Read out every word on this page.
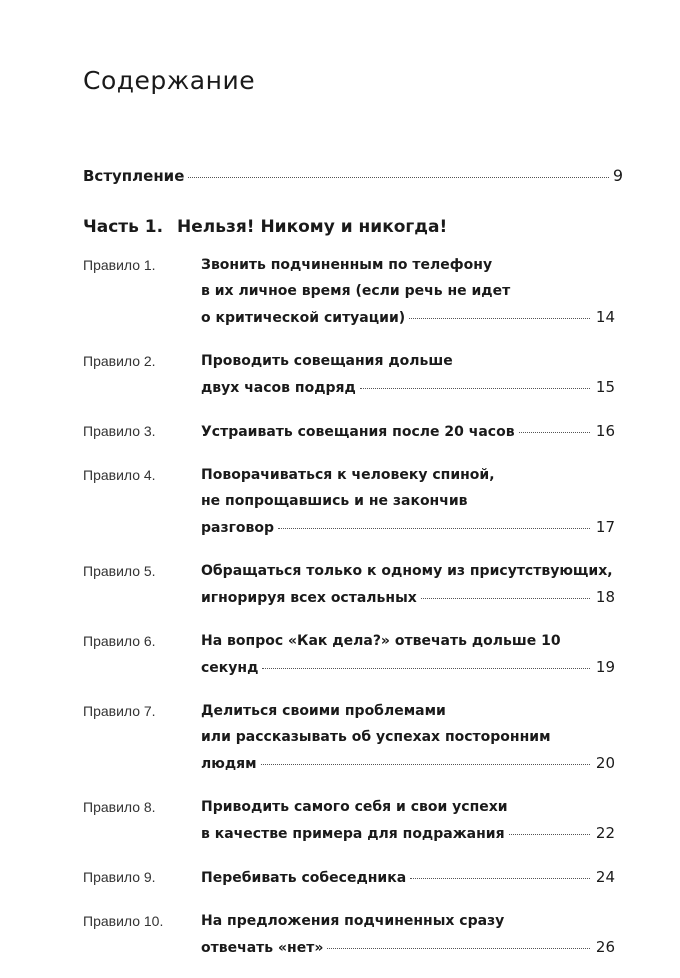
Содержание
Вступление	9
Часть 1. Нельзя! Никому и никогда!
Правило 1.	Звонить подчиненным по телефону
в их личное время (если речь не идет
о критической ситуации)	14
Правило 2.	Проводить совещания дольше
двух часов подряд	15
Правило 3.	Устраивать совещания после 20 часов	16
Правило 4.	Поворачиваться к человеку спиной,
не попрощавшись и не закончив
разговор	17
Правило 5.	Обращаться только к одному из присутствующих,
игнорируя всех остальных	18
Правило 6.	На вопрос «Как дела?» отвечать дольше 10
секунд	19
Правило 7.	Делиться своими проблемами
или рассказывать об успехах посторонним
людям	20
Правило 8.	Приводить самого себя и свои успехи
в качестве примера для подражания	22
Правило 9.	Перебивать собеседника	24
Правило 10.	На предложения подчиненных сразу
отвечать «нет»	26
